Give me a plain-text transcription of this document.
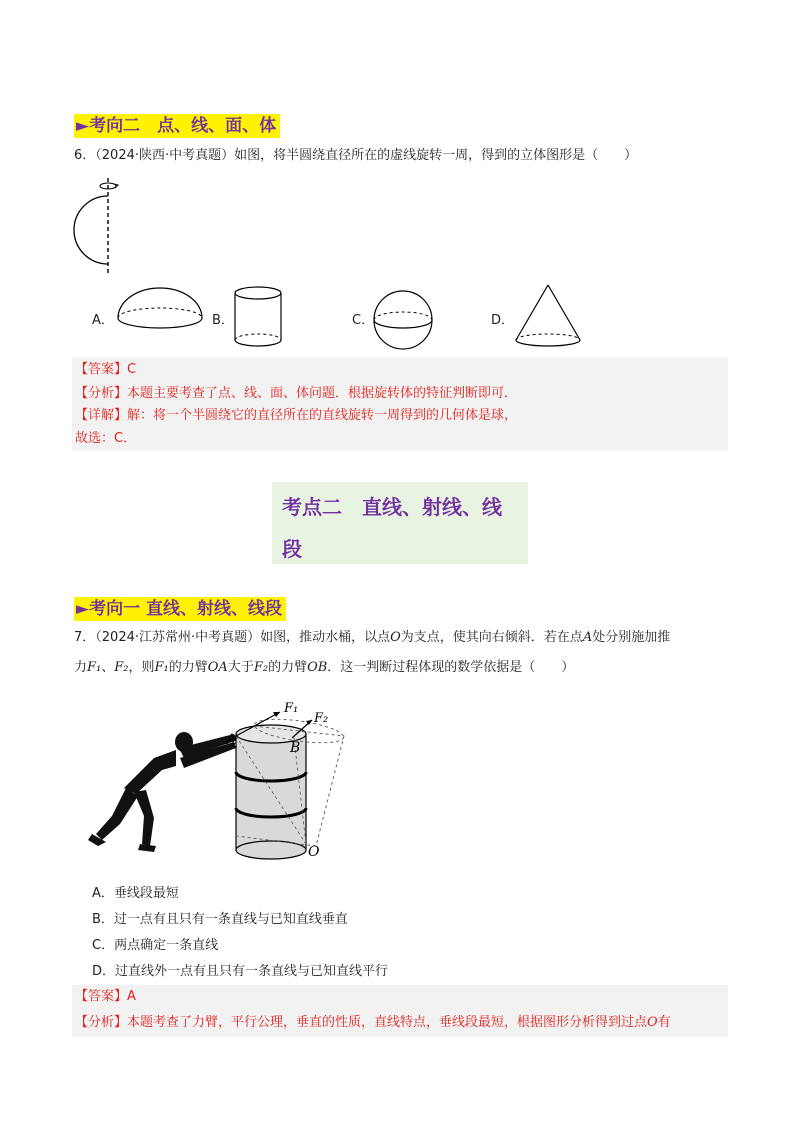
►考向二　点、线、面、体
6．（2024·陕西·中考真题）如图，将半圆绕直径所在的虚线旋转一周，得到的立体图形是（　　）
A．	B．	C．	D．
【答案】C
【分析】本题主要考查了点、线、面、体问题．根据旋转体的特征判断即可．
【详解】解：将一个半圆绕它的直径所在的直线旋转一周得到的几何体是球，
故选：C．
考点二　直线、射线、线
段
►考向一 直线、射线、线段
7．（2024·江苏常州·中考真题）如图，推动水桶，以点O为支点，使其向右倾斜．若在点A处分别施加推
力F₁、F₂，则F₁的力臂OA大于F₂的力臂OB．这一判断过程体现的数学依据是（　　）
F₁
F₂
A	B
O
A．垂线段最短
B．过一点有且只有一条直线与已知直线垂直
C．两点确定一条直线
D．过直线外一点有且只有一条直线与已知直线平行
【答案】A
【分析】本题考查了力臂，平行公理，垂直的性质，直线特点，垂线段最短，根据图形分析得到过点O有
